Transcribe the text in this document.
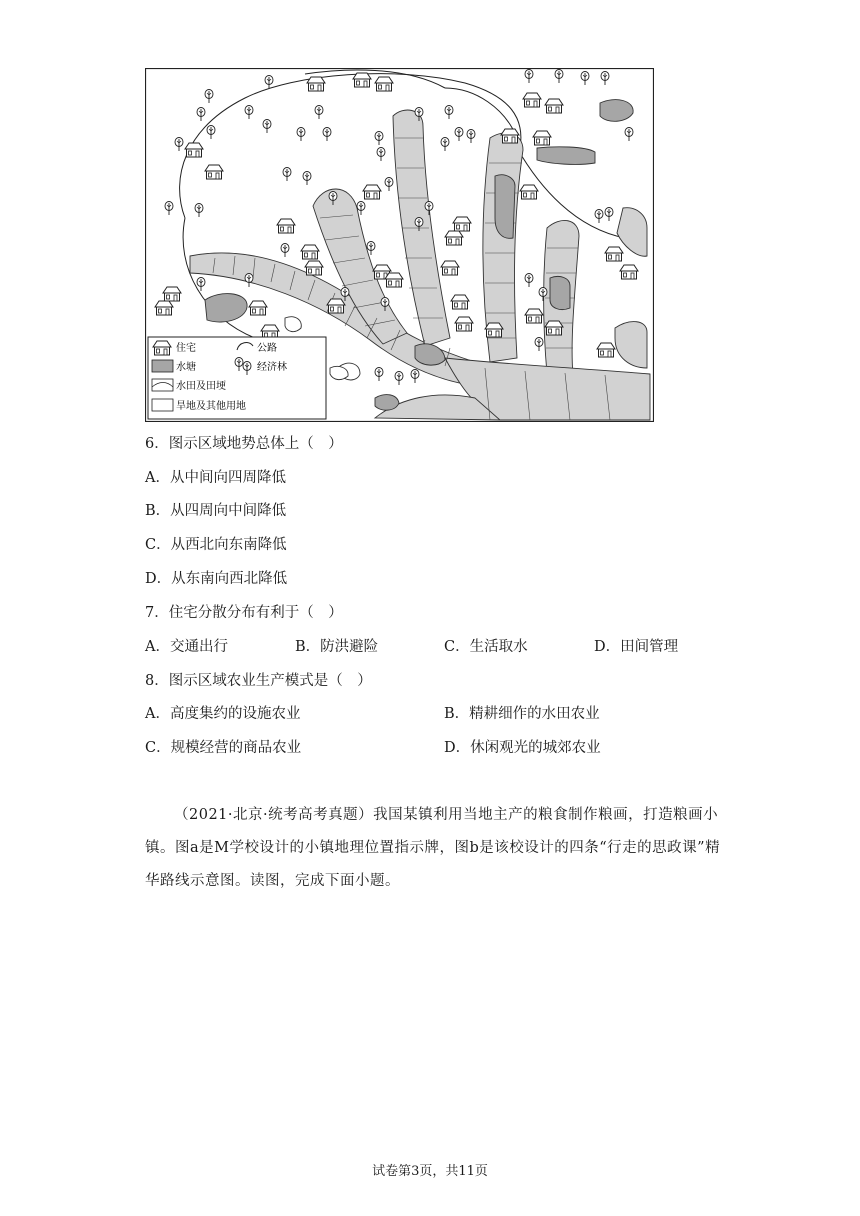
住宅	公路
水塘	经济林
水田及田埂
旱地及其他用地
6．图示区域地势总体上（　）
A．从中间向四周降低
B．从四周向中间降低
C．从西北向东南降低
D．从东南向西北降低
7．住宅分散分布有利于（　）
A．交通出行	B．防洪避险	C．生活取水	D．田间管理
8．图示区域农业生产模式是（　）
A．高度集约的设施农业	B．精耕细作的水田农业
C．规模经营的商品农业	D．休闲观光的城郊农业
（2021·北京·统考高考真题）我国某镇利用当地主产的粮食制作粮画，打造粮画小镇。图a是M学校设计的小镇地理位置指示牌，图b是该校设计的四条“行走的思政课”精华路线示意图。读图，完成下面小题。
试卷第3页，共11页
